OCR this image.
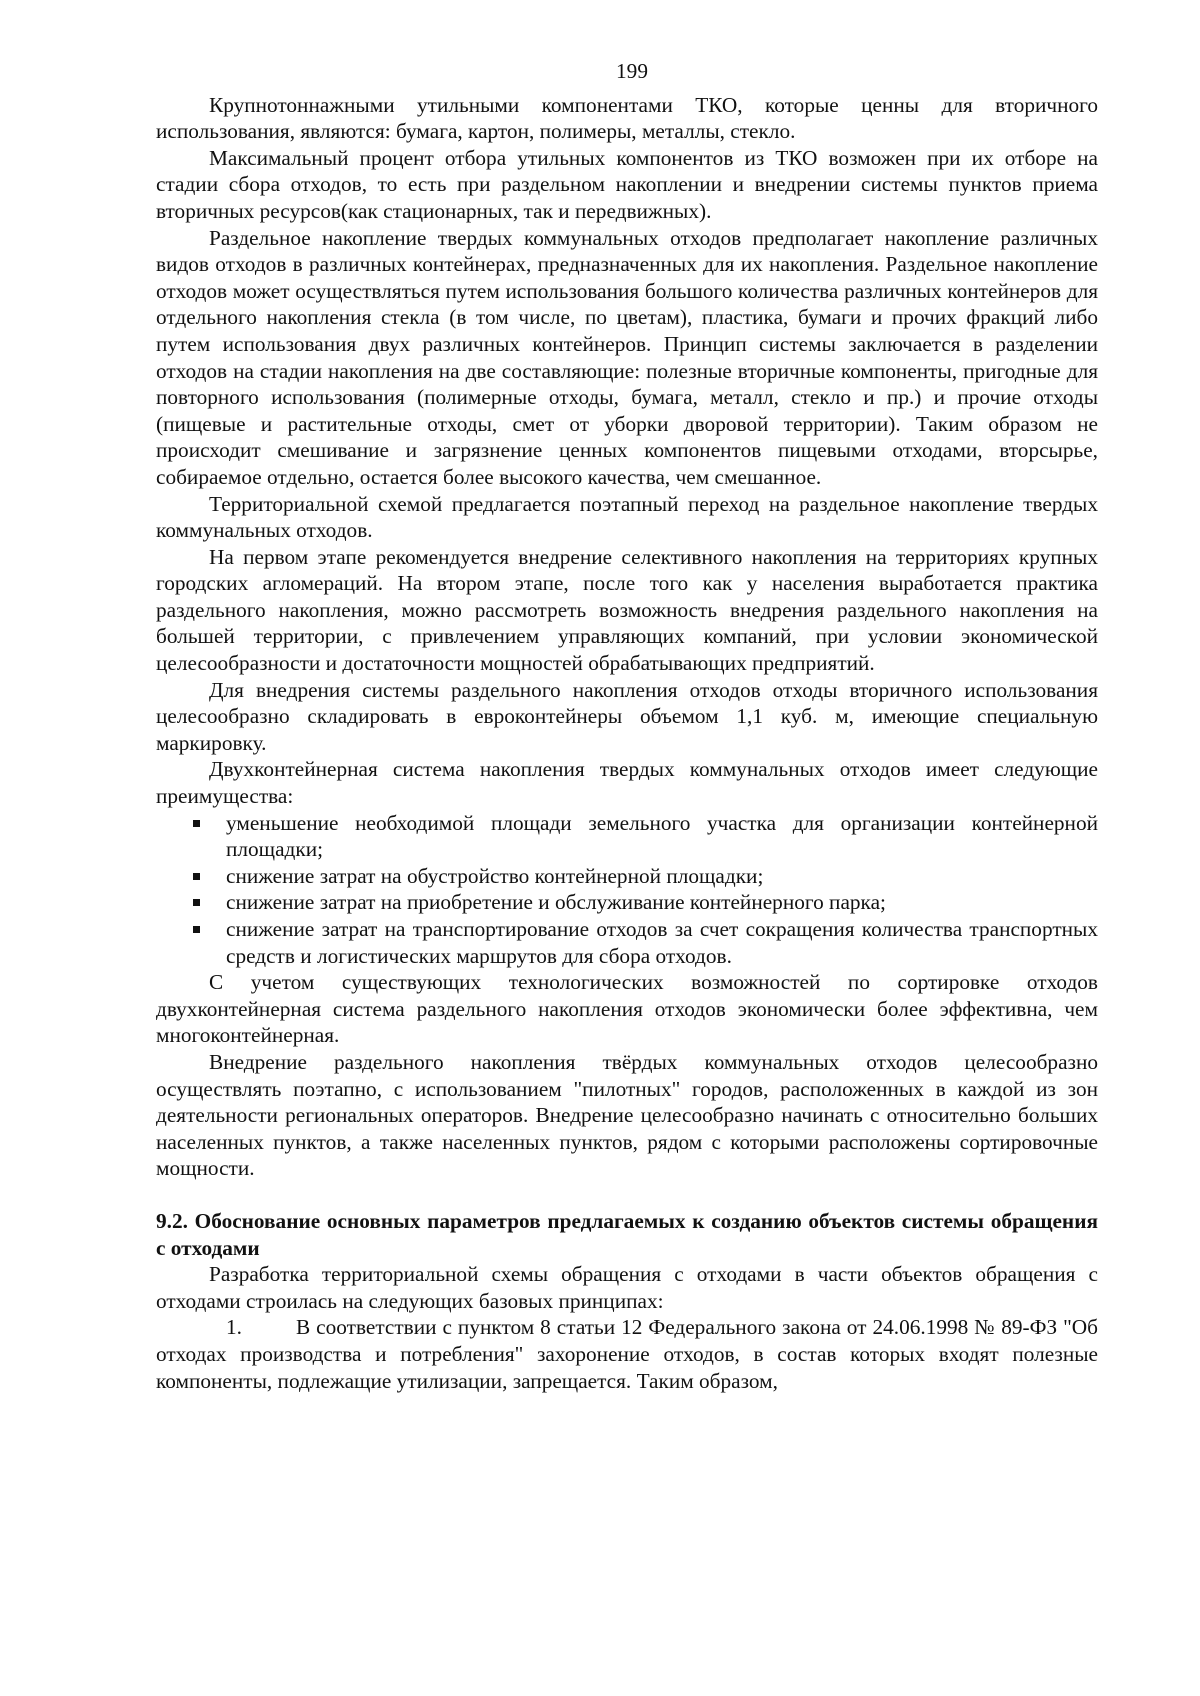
199

Крупнотоннажными утильными компонентами ТКО, которые ценны для вторичного использования, являются: бумага, картон, полимеры, металлы, стекло.

Максимальный процент отбора утильных компонентов из ТКО возможен при их отборе на стадии сбора отходов, то есть при раздельном накоплении и внедрении системы пунктов приема вторичных ресурсов(как стационарных, так и передвижных).

Раздельное накопление твердых коммунальных отходов предполагает накопление различных видов отходов в различных контейнерах, предназначенных для их накопления. Раздельное накопление отходов может осуществляться путем использования большого количества различных контейнеров для отдельного накопления стекла (в том числе, по цветам), пластика, бумаги и прочих фракций либо путем использования двух различных контейнеров. Принцип системы заключается в разделении отходов на стадии накопления на две составляющие: полезные вторичные компоненты, пригодные для повторного использования (полимерные отходы, бумага, металл, стекло и пр.) и прочие отходы (пищевые и растительные отходы, смет от уборки дворовой территории). Таким образом не происходит смешивание и загрязнение ценных компонентов пищевыми отходами, вторсырье, собираемое отдельно, остается более высокого качества, чем смешанное.

Территориальной схемой предлагается поэтапный переход на раздельное накопление твердых коммунальных отходов.

На первом этапе рекомендуется внедрение селективного накопления на территориях крупных городских агломераций. На втором этапе, после того как у населения выработается практика раздельного накопления, можно рассмотреть возможность внедрения раздельного накопления на большей территории, с привлечением управляющих компаний, при условии экономической целесообразности и достаточности мощностей обрабатывающих предприятий.

Для внедрения системы раздельного накопления отходов отходы вторичного использования целесообразно складировать в евроконтейнеры объемом 1,1 куб. м, имеющие специальную маркировку.

Двухконтейнерная система накопления твердых коммунальных отходов имеет следующие преимущества:

уменьшение необходимой площади земельного участка для организации контейнерной площадки;
снижение затрат на обустройство контейнерной площадки;
снижение затрат на приобретение и обслуживание контейнерного парка;
снижение затрат на транспортирование отходов за счет сокращения количества транспортных средств и логистических маршрутов для сбора отходов.

С учетом существующих технологических возможностей по сортировке отходов двухконтейнерная система раздельного накопления отходов экономически более эффективна, чем многоконтейнерная.

Внедрение раздельного накопления твёрдых коммунальных отходов целесообразно осуществлять поэтапно, с использованием "пилотных" городов, расположенных в каждой из зон деятельности региональных операторов. Внедрение целесообразно начинать с относительно больших населенных пунктов, а также населенных пунктов, рядом с которыми расположены сортировочные мощности.

9.2. Обоснование основных параметров предлагаемых к созданию объектов системы обращения с отходами

Разработка территориальной схемы обращения с отходами в части объектов обращения с отходами строилась на следующих базовых принципах:

1.	В соответствии с пунктом 8 статьи 12 Федерального закона от 24.06.1998 № 89-ФЗ "Об отходах производства и потребления" захоронение отходов, в состав которых входят полезные компоненты, подлежащие утилизации, запрещается. Таким образом,
